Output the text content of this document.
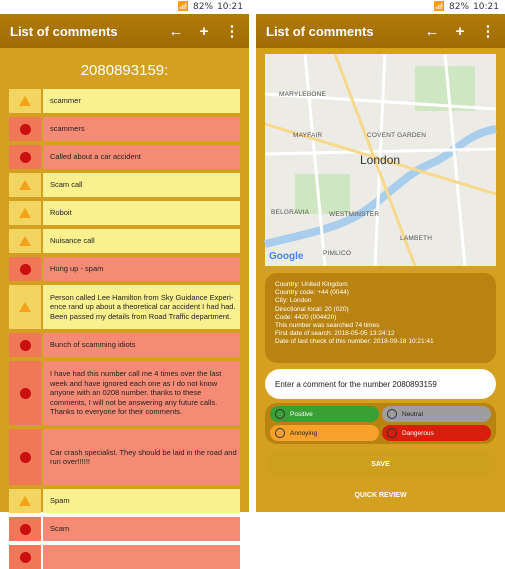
📶 82% 10:21
List of comments	←	+	⋮
2080893159:
scammer
scammers
Called about a car accident
Scam call
Roboit
Nuisance call
Hung up - spam
Person called Lee Hamilton from Sky Guidance Experi-ence rand up about a theoretical car accident I had had. Been passed my details from Road Traffic department.
Bunch of scamming idiots
I have had this number call me 4 times over the last week and have ignored each one as I do not know anyone with an 0208 number. thanks to these comments, I will not be answering any future calls. Thanks to everyone for their comments.
Car crash specialist. They should be laid in the road and run over!!!!!!
Spam
Scam
📶 82% 10:21
List of comments	←	+	⋮
MARYLEBONE
MAYFAIR	COVENT GARDEN
London
BELGRAVIA	WESTMINSTER
LAMBETH
PIMLICO
Google
Country: United Kingdom
Country code: +44 (0044)
City: London
Directional local: 20 (020)
Code: 4420 (004420)
This number was searched 74 times
First date of search: 2018-05-05 13:24:12
Date of last check of this number: 2018-09-18 10:21:41
Enter a comment for the number 2080893159
Positive	Neutral
Annoying	Dangerous
SAVE
QUICK REVIEW
